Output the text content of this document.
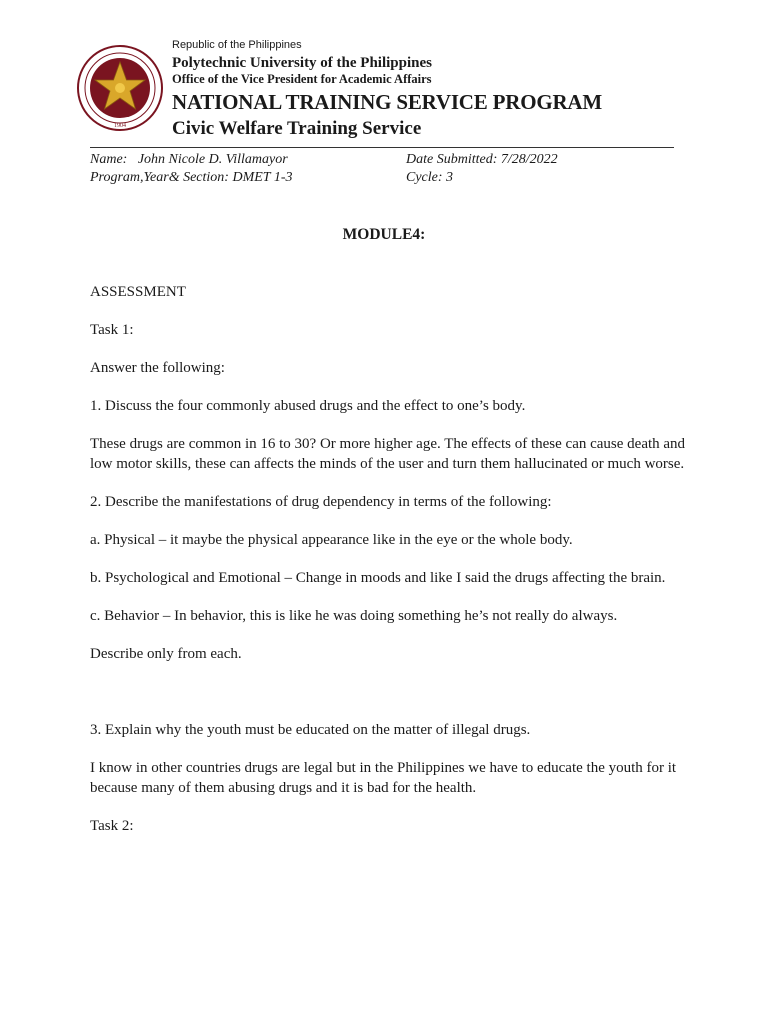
1904
Republic of the Philippines
Polytechnic University of the Philippines
Office of the Vice President for Academic Affairs
NATIONAL TRAINING SERVICE PROGRAM
Civic Welfare Training Service
Name:   John Nicole D. Villamayor
Program,Year& Section: DMET 1-3
Date Submitted: 7/28/2022
Cycle: 3
MODULE4:

ASSESSMENT

Task 1:

Answer the following:

1. Discuss the four commonly abused drugs and the effect to one’s body.

These drugs are common in 16 to 30? Or more higher age. The effects of these can cause death and low motor skills, these can affects the minds of the user and turn them hallucinated or much worse.

2. Describe the manifestations of drug dependency in terms of the following:

a. Physical – it maybe the physical appearance like in the eye or the whole body.

b. Psychological and Emotional – Change in moods and like I said the drugs affecting the brain.

c. Behavior – In behavior, this is like he was doing something he’s not really do always.

Describe only from each.

3. Explain why the youth must be educated on the matter of illegal drugs.

I know in other countries drugs are legal but in the Philippines we have to educate the youth for it because many of them abusing drugs and it is bad for the health.

Task 2:
